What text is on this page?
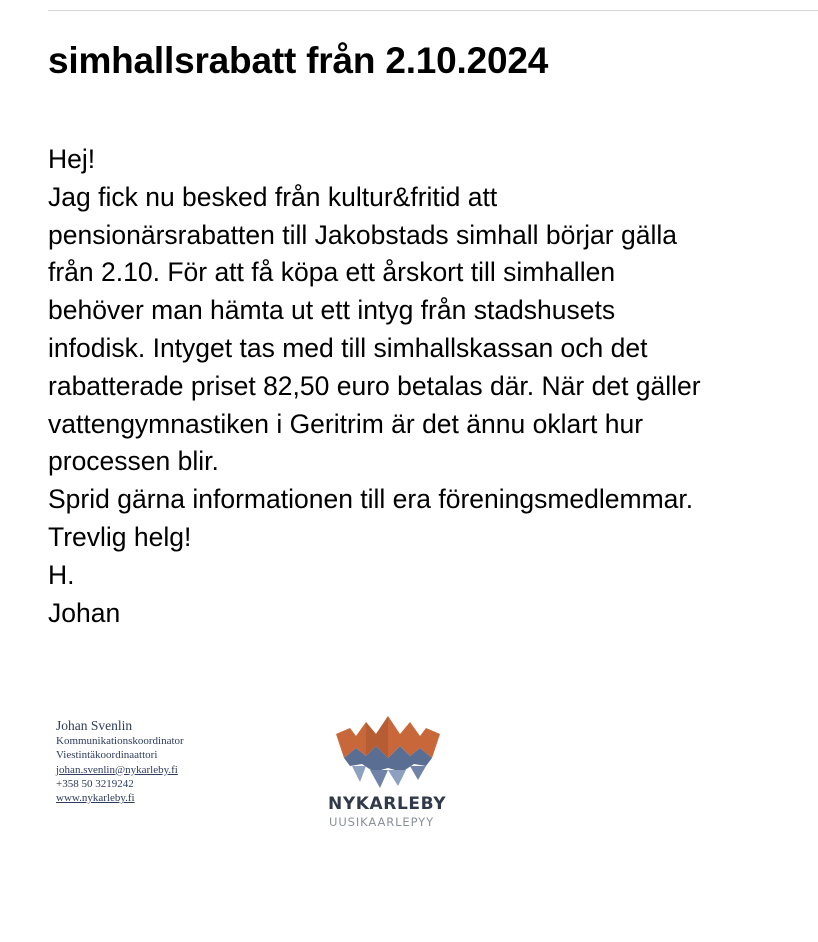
simhallsrabatt från 2.10.2024
Hej!
Jag fick nu besked från kultur&fritid att
pensionärsrabatten till Jakobstads simhall börjar gälla
från 2.10. För att få köpa ett årskort till simhallen
behöver man hämta ut ett intyg från stadshusets
infodisk. Intyget tas med till simhallskassan och det
rabatterade priset 82,50 euro betalas där. När det gäller
vattengymnastiken i Geritrim är det ännu oklart hur
processen blir.
Sprid gärna informationen till era föreningsmedlemmar.
Trevlig helg!
H.
Johan
Johan Svenlin
Kommunikationskoordinator
Viestintäkoordinaattori
johan.svenlin@nykarleby.fi
+358 50 3219242
www.nykarleby.fi	NYKARLEBY
UUSIKAARLEPYY
